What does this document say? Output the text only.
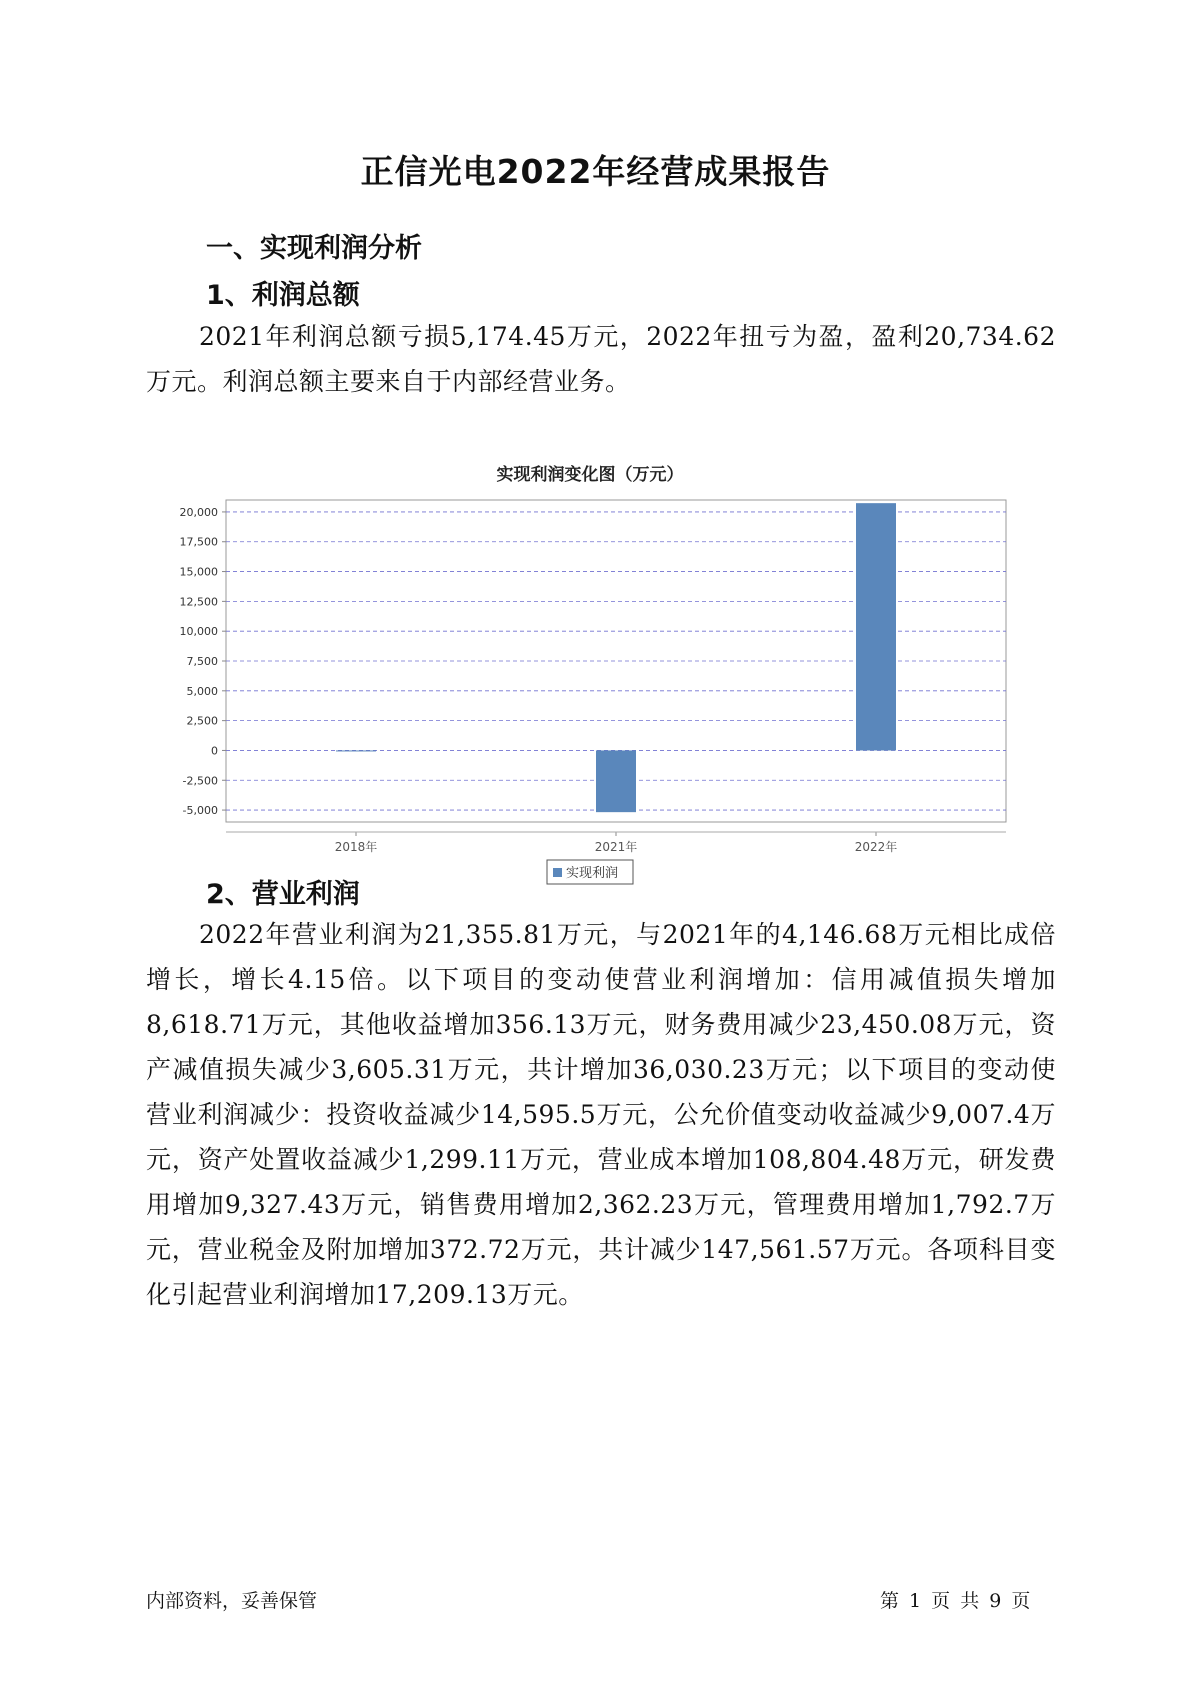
正信光电2022年经营成果报告
一、实现利润分析
1、利润总额
2021年利润总额亏损5,174.45万元，2022年扭亏为盈，盈利20,734.62万元。利润总额主要来自于内部经营业务。
实现利润变化图（万元）
20,000
17,500
15,000
12,500
10,000
7,500
5,000
2,500
0
-2,500
-5,000
2018年	2021年	2022年
实现利润
2、营业利润
2022年营业利润为21,355.81万元，与2021年的4,146.68万元相比成倍增长，增长4.15倍。以下项目的变动使营业利润增加：信用减值损失增加8,618.71万元，其他收益增加356.13万元，财务费用减少23,450.08万元，资产减值损失减少3,605.31万元，共计增加36,030.23万元；以下项目的变动使营业利润减少：投资收益减少14,595.5万元，公允价值变动收益减少9,007.4万元，资产处置收益减少1,299.11万元，营业成本增加108,804.48万元，研发费用增加9,327.43万元，销售费用增加2,362.23万元，管理费用增加1,792.7万元，营业税金及附加增加372.72万元，共计减少147,561.57万元。各项科目变化引起营业利润增加17,209.13万元。
内部资料，妥善保管	第 1 页 共 9 页
